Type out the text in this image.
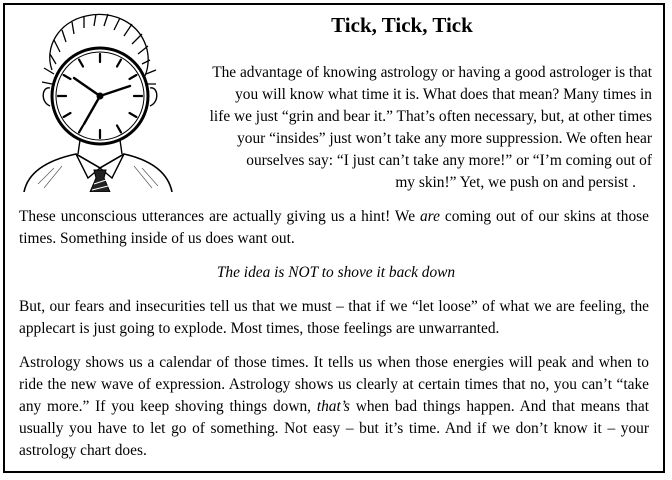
Tick, Tick, Tick

The advantage of knowing astrology or having a good astrologer is that

you will know what time it is. What does that mean? Many times in

life we just “grin and bear it.” That’s often necessary, but, at other times

your “insides” just won’t take any more suppression. We often hear

ourselves say: “I just can’t take any more!” or “I’m coming out of

my skin!” Yet, we push on and persist .

These unconscious utterances are actually giving us a hint! We are coming out of our skins at those times. Something inside of us does want out.

The idea is NOT to shove it back down

But, our fears and insecurities tell us that we must – that if we “let loose” of what we are feeling, the applecart is just going to explode. Most times, those feelings are unwarranted.

Astrology shows us a calendar of those times. It tells us when those energies will peak and when to ride the new wave of expression. Astrology shows us clearly at certain times that no, you can’t “take any more.” If you keep shoving things down, that’s when bad things happen. And that means that usually you have to let go of something. Not easy – but it’s time. And if we don’t know it – your astrology chart does.
